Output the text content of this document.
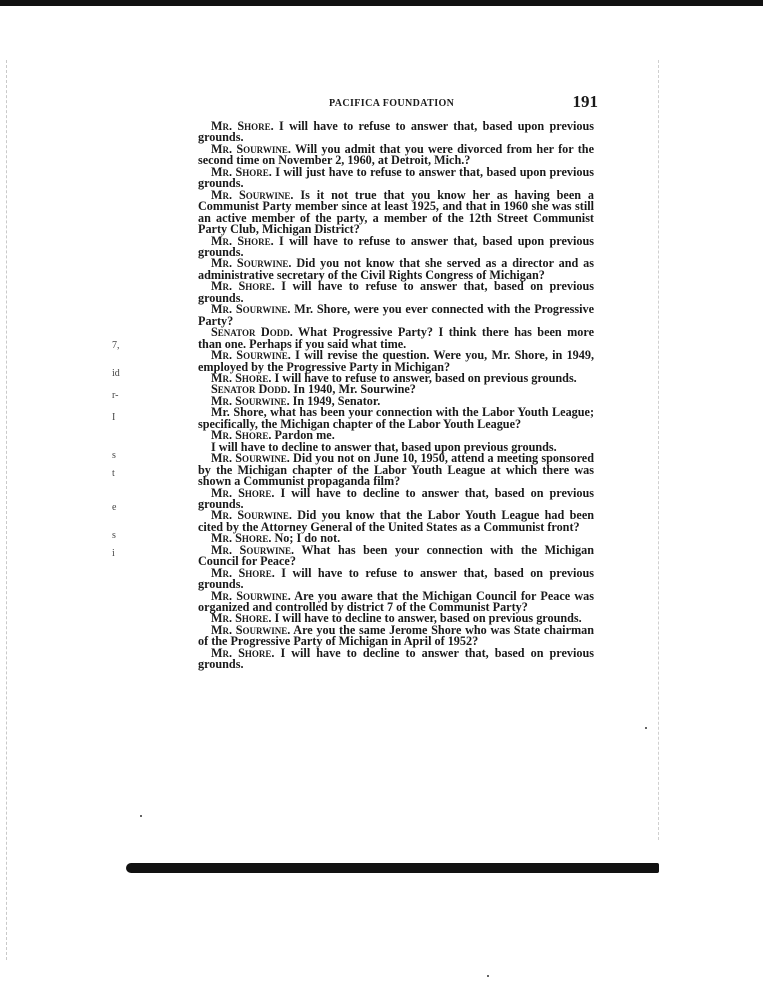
PACIFICA FOUNDATION	191
7,
id
r-
I
s
t
e
s
i

Mr. Shore. I will have to refuse to answer that, based upon previous grounds.

Mr. Sourwine. Will you admit that you were divorced from her for the second time on November 2, 1960, at Detroit, Mich.?

Mr. Shore. I will just have to refuse to answer that, based upon previous grounds.

Mr. Sourwine. Is it not true that you know her as having been a Communist Party member since at least 1925, and that in 1960 she was still an active member of the party, a member of the 12th Street Communist Party Club, Michigan District?

Mr. Shore. I will have to refuse to answer that, based upon previous grounds.

Mr. Sourwine. Did you not know that she served as a director and as administrative secretary of the Civil Rights Congress of Michigan?

Mr. Shore. I will have to refuse to answer that, based on previous grounds.

Mr. Sourwine. Mr. Shore, were you ever connected with the Progressive Party?

Senator Dodd. What Progressive Party? I think there has been more than one. Perhaps if you said what time.

Mr. Sourwine. I will revise the question. Were you, Mr. Shore, in 1949, employed by the Progressive Party in Michigan?

Mr. Shore. I will have to refuse to answer, based on previous grounds.

Senator Dodd. In 1940, Mr. Sourwine?

Mr. Sourwine. In 1949, Senator.

Mr. Shore, what has been your connection with the Labor Youth League; specifically, the Michigan chapter of the Labor Youth League?

Mr. Shore. Pardon me.

I will have to decline to answer that, based upon previous grounds.

Mr. Sourwine. Did you not on June 10, 1950, attend a meeting sponsored by the Michigan chapter of the Labor Youth League at which there was shown a Communist propaganda film?

Mr. Shore. I will have to decline to answer that, based on previous grounds.

Mr. Sourwine. Did you know that the Labor Youth League had been cited by the Attorney General of the United States as a Communist front?

Mr. Shore. No; I do not.

Mr. Sourwine. What has been your connection with the Michigan Council for Peace?

Mr. Shore. I will have to refuse to answer that, based on previous grounds.

Mr. Sourwine. Are you aware that the Michigan Council for Peace was organized and controlled by district 7 of the Communist Party?

Mr. Shore. I will have to decline to answer, based on previous grounds.

Mr. Sourwine. Are you the same Jerome Shore who was State chairman of the Progressive Party of Michigan in April of 1952?

Mr. Shore. I will have to decline to answer that, based on previous grounds.
